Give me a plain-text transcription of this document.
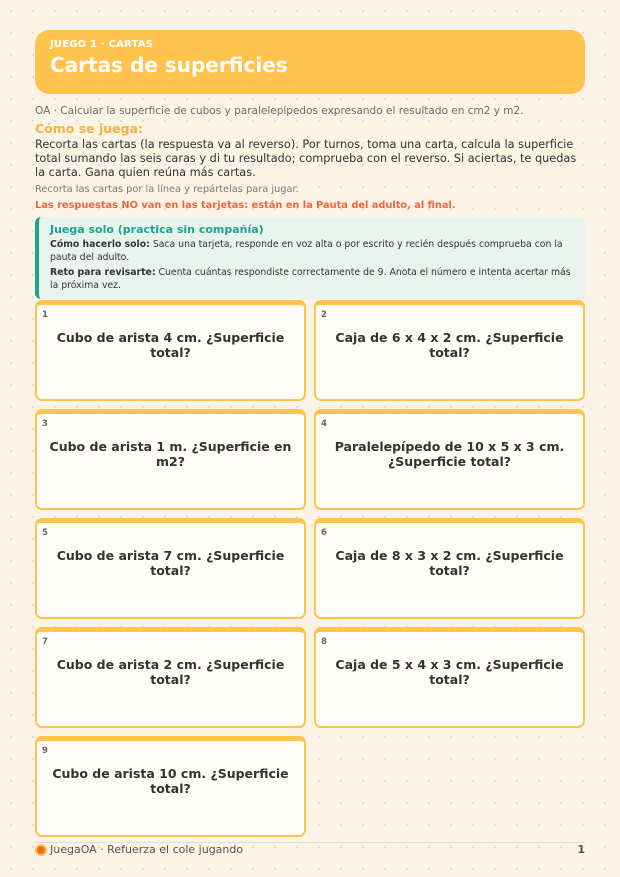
JUEGO 1 · CARTAS
Cartas de superficies
OA · Calcular la superficie de cubos y paralelepípedos expresando el resultado en cm2 y m2.
Cómo se juega:
Recorta las cartas (la respuesta va al reverso). Por turnos, toma una carta, calcula la superficie total sumando las seis caras y di tu resultado; comprueba con el reverso. Si aciertas, te quedas la carta. Gana quien reúna más cartas.
Recorta las cartas por la línea y repártelas para jugar.
Las respuestas NO van en las tarjetas: están en la Pauta del adulto, al final.
Juega solo (practica sin compañía)
Cómo hacerlo solo: Saca una tarjeta, responde en voz alta o por escrito y recién después comprueba con la pauta del adulto.
Reto para revisarte: Cuenta cuántas respondiste correctamente de 9. Anota el número e intenta acertar más la próxima vez.
1
Cubo de arista 4 cm. ¿Superficie total?
2
Caja de 6 x 4 x 2 cm. ¿Superficie total?
3
Cubo de arista 1 m. ¿Superficie en m2?
4
Paralelepípedo de 10 x 5 x 3 cm. ¿Superficie total?
5
Cubo de arista 7 cm. ¿Superficie total?
6
Caja de 8 x 3 x 2 cm. ¿Superficie total?
7
Cubo de arista 2 cm. ¿Superficie total?
8
Caja de 5 x 4 x 3 cm. ¿Superficie total?
9
Cubo de arista 10 cm. ¿Superficie total?
JuegaOA · Refuerza el cole jugando	1
